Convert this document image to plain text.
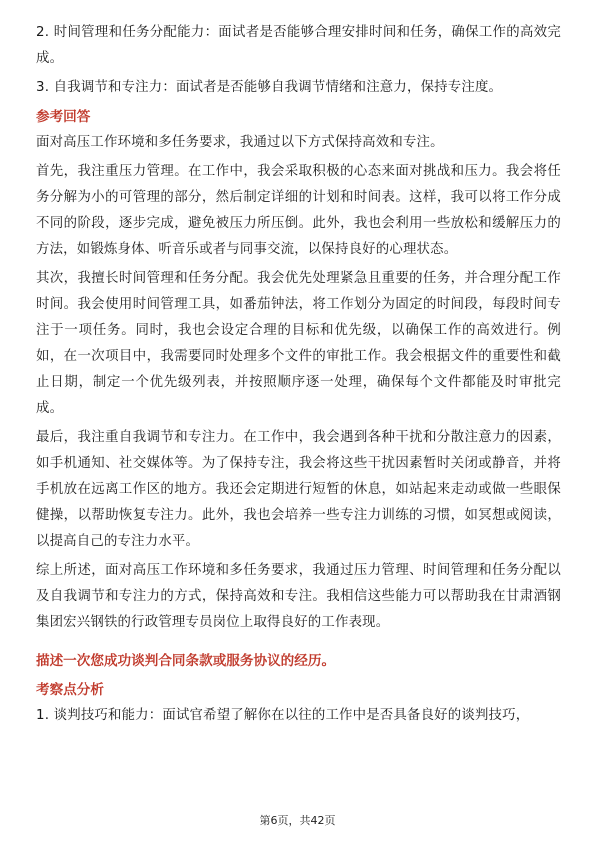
2. 时间管理和任务分配能力：面试者是否能够合理安排时间和任务，确保工作的高效完成。

3. 自我调节和专注力：面试者是否能够自我调节情绪和注意力，保持专注度。

参考回答

面对高压工作环境和多任务要求，我通过以下方式保持高效和专注。

首先，我注重压力管理。在工作中，我会采取积极的心态来面对挑战和压力。我会将任务分解为小的可管理的部分，然后制定详细的计划和时间表。这样，我可以将工作分成不同的阶段，逐步完成，避免被压力所压倒。此外，我也会利用一些放松和缓解压力的方法，如锻炼身体、听音乐或者与同事交流，以保持良好的心理状态。

其次，我擅长时间管理和任务分配。我会优先处理紧急且重要的任务，并合理分配工作时间。我会使用时间管理工具，如番茄钟法，将工作划分为固定的时间段，每段时间专注于一项任务。同时，我也会设定合理的目标和优先级，以确保工作的高效进行。例如，在一次项目中，我需要同时处理多个文件的审批工作。我会根据文件的重要性和截止日期，制定一个优先级列表，并按照顺序逐一处理，确保每个文件都能及时审批完成。

最后，我注重自我调节和专注力。在工作中，我会遇到各种干扰和分散注意力的因素，如手机通知、社交媒体等。为了保持专注，我会将这些干扰因素暂时关闭或静音，并将手机放在远离工作区的地方。我还会定期进行短暂的休息，如站起来走动或做一些眼保健操，以帮助恢复专注力。此外，我也会培养一些专注力训练的习惯，如冥想或阅读，以提高自己的专注力水平。

综上所述，面对高压工作环境和多任务要求，我通过压力管理、时间管理和任务分配以及自我调节和专注力的方式，保持高效和专注。我相信这些能力可以帮助我在甘肃酒钢集团宏兴钢铁的行政管理专员岗位上取得良好的工作表现。

描述一次您成功谈判合同条款或服务协议的经历。

考察点分析

1. 谈判技巧和能力：面试官希望了解你在以往的工作中是否具备良好的谈判技巧，

第6页，共42页
